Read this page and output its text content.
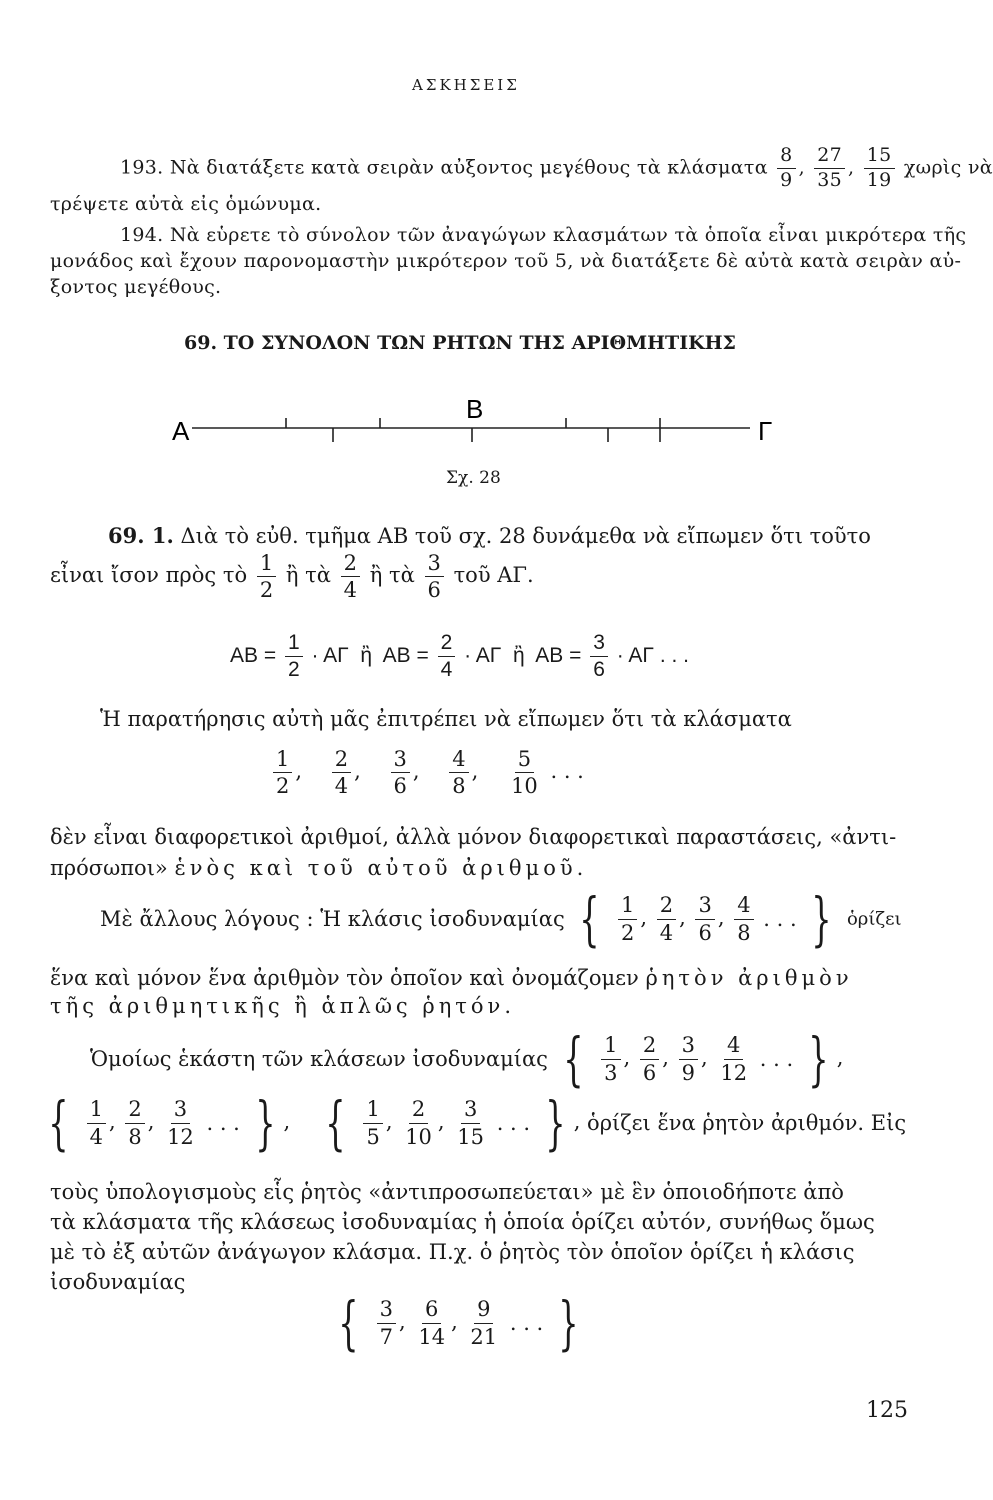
ΑΣΚΗΣΕΙΣ
193. Νὰ διατάξετε κατὰ σειρὰν αὐξοντος μεγέθους τὰ κλάσματα $\frac{8}{9}$ , $\frac{27}{35}$ , $\frac{15}{19}$ χωρὶς νὰ
τρέψετε αὐτὰ εἰς ὁμώνυμα.
194. Νὰ εὑρετε τὸ σύνολον τῶν ἀναγώγων κλασμάτων τὰ ὁποῖα εἶναι μικρότερα τῆς
μονάδος καὶ ἔχουν παρονομαστὴν μικρότερον τοῦ 5, νὰ διατάξετε δὲ αὐτὰ κατὰ σειρὰν αὐ-
ξοντος μεγέθους.
69. ΤΟ ΣΥΝΟΛΟΝ ΤΩΝ ΡΗΤΩΝ ΤΗΣ ΑΡΙΘΜΗΤΙΚΗΣ
Α
Β
Γ
Σχ. 28
69. 1. Διὰ τὸ εὐθ. τμῆμα ΑΒ τοῦ σχ. 28 δυνάμεθα νὰ εἴπωμεν ὅτι τοῦτο
εἶναι ἴσον πρὸς τὸ $\frac{1}{2}$ ἢ τὰ $\frac{2}{4}$ ἢ τὰ $\frac{3}{6}$ τοῦ ΑΓ.
$AB = \frac{1}{2} \cdot A\Gamma$ ἢ $AB = \frac{2}{4} \cdot A\Gamma$ ἢ $AB = \frac{3}{6} \cdot A\Gamma$ . . .
Ἡ παρατήρησις αὐτὴ μᾶς ἐπιτρέπει νὰ εἴπωμεν ὅτι τὰ κλάσματα
$\frac{1}{2}$ , $\frac{2}{4}$ , $\frac{3}{6}$ , $\frac{4}{8}$ , $\frac{5}{10}$ . . .
δὲν εἶναι διαφορετικοὶ ἀριθμοί, ἀλλὰ μόνον διαφορετικαὶ παραστάσεις, «ἀντι-
πρόσωποι» ἑνὸς καὶ τοῦ αὐτοῦ ἀριθμοῦ.
Μὲ ἄλλους λόγους : Ἡ κλάσις ἰσοδυναμίας { $\frac{1}{2}$ , $\frac{2}{4}$ , $\frac{3}{6}$ , $\frac{4}{8}$ . . . } ὁρίζει
ἕνα καὶ μόνον ἕνα ἀριθμὸν τὸν ὁποῖον καὶ ὀνομάζομεν ῥητὸν ἀριθμὸν
τῆς ἀριθμητικῆς ἢ ἁπλῶς ῥητόν.
Ὁμοίως ἑκάστη τῶν κλάσεων ἰσοδυναμίας { $\frac{1}{3}$ , $\frac{2}{6}$ , $\frac{3}{9}$ , $\frac{4}{12}$ . . . } ,
{ $\frac{1}{4}$ , $\frac{2}{8}$ , $\frac{3}{12}$ . . . } ,    { $\frac{1}{5}$ , $\frac{2}{10}$ , $\frac{3}{15}$ . . . } , ὁρίζει ἕνα ῥητὸν ἀριθμόν. Εἰς
τοὺς ὑπολογισμοὺς εἷς ῥητὸς «ἀντιπροσωπεύεται» μὲ ἓν ὁποιοδήποτε ἀπὸ
τὰ κλάσματα τῆς κλάσεως ἰσοδυναμίας ἡ ὁποία ὁρίζει αὐτόν, συνήθως ὅμως
μὲ τὸ ἐξ αὐτῶν ἀνάγωγον κλάσμα. Π.χ. ὁ ῥητὸς τὸν ὁποῖον ὁρίζει ἡ κλάσις
ἰσοδυναμίας
{ $\frac{3}{7}$ , $\frac{6}{14}$ , $\frac{9}{21}$ . . . }
125
